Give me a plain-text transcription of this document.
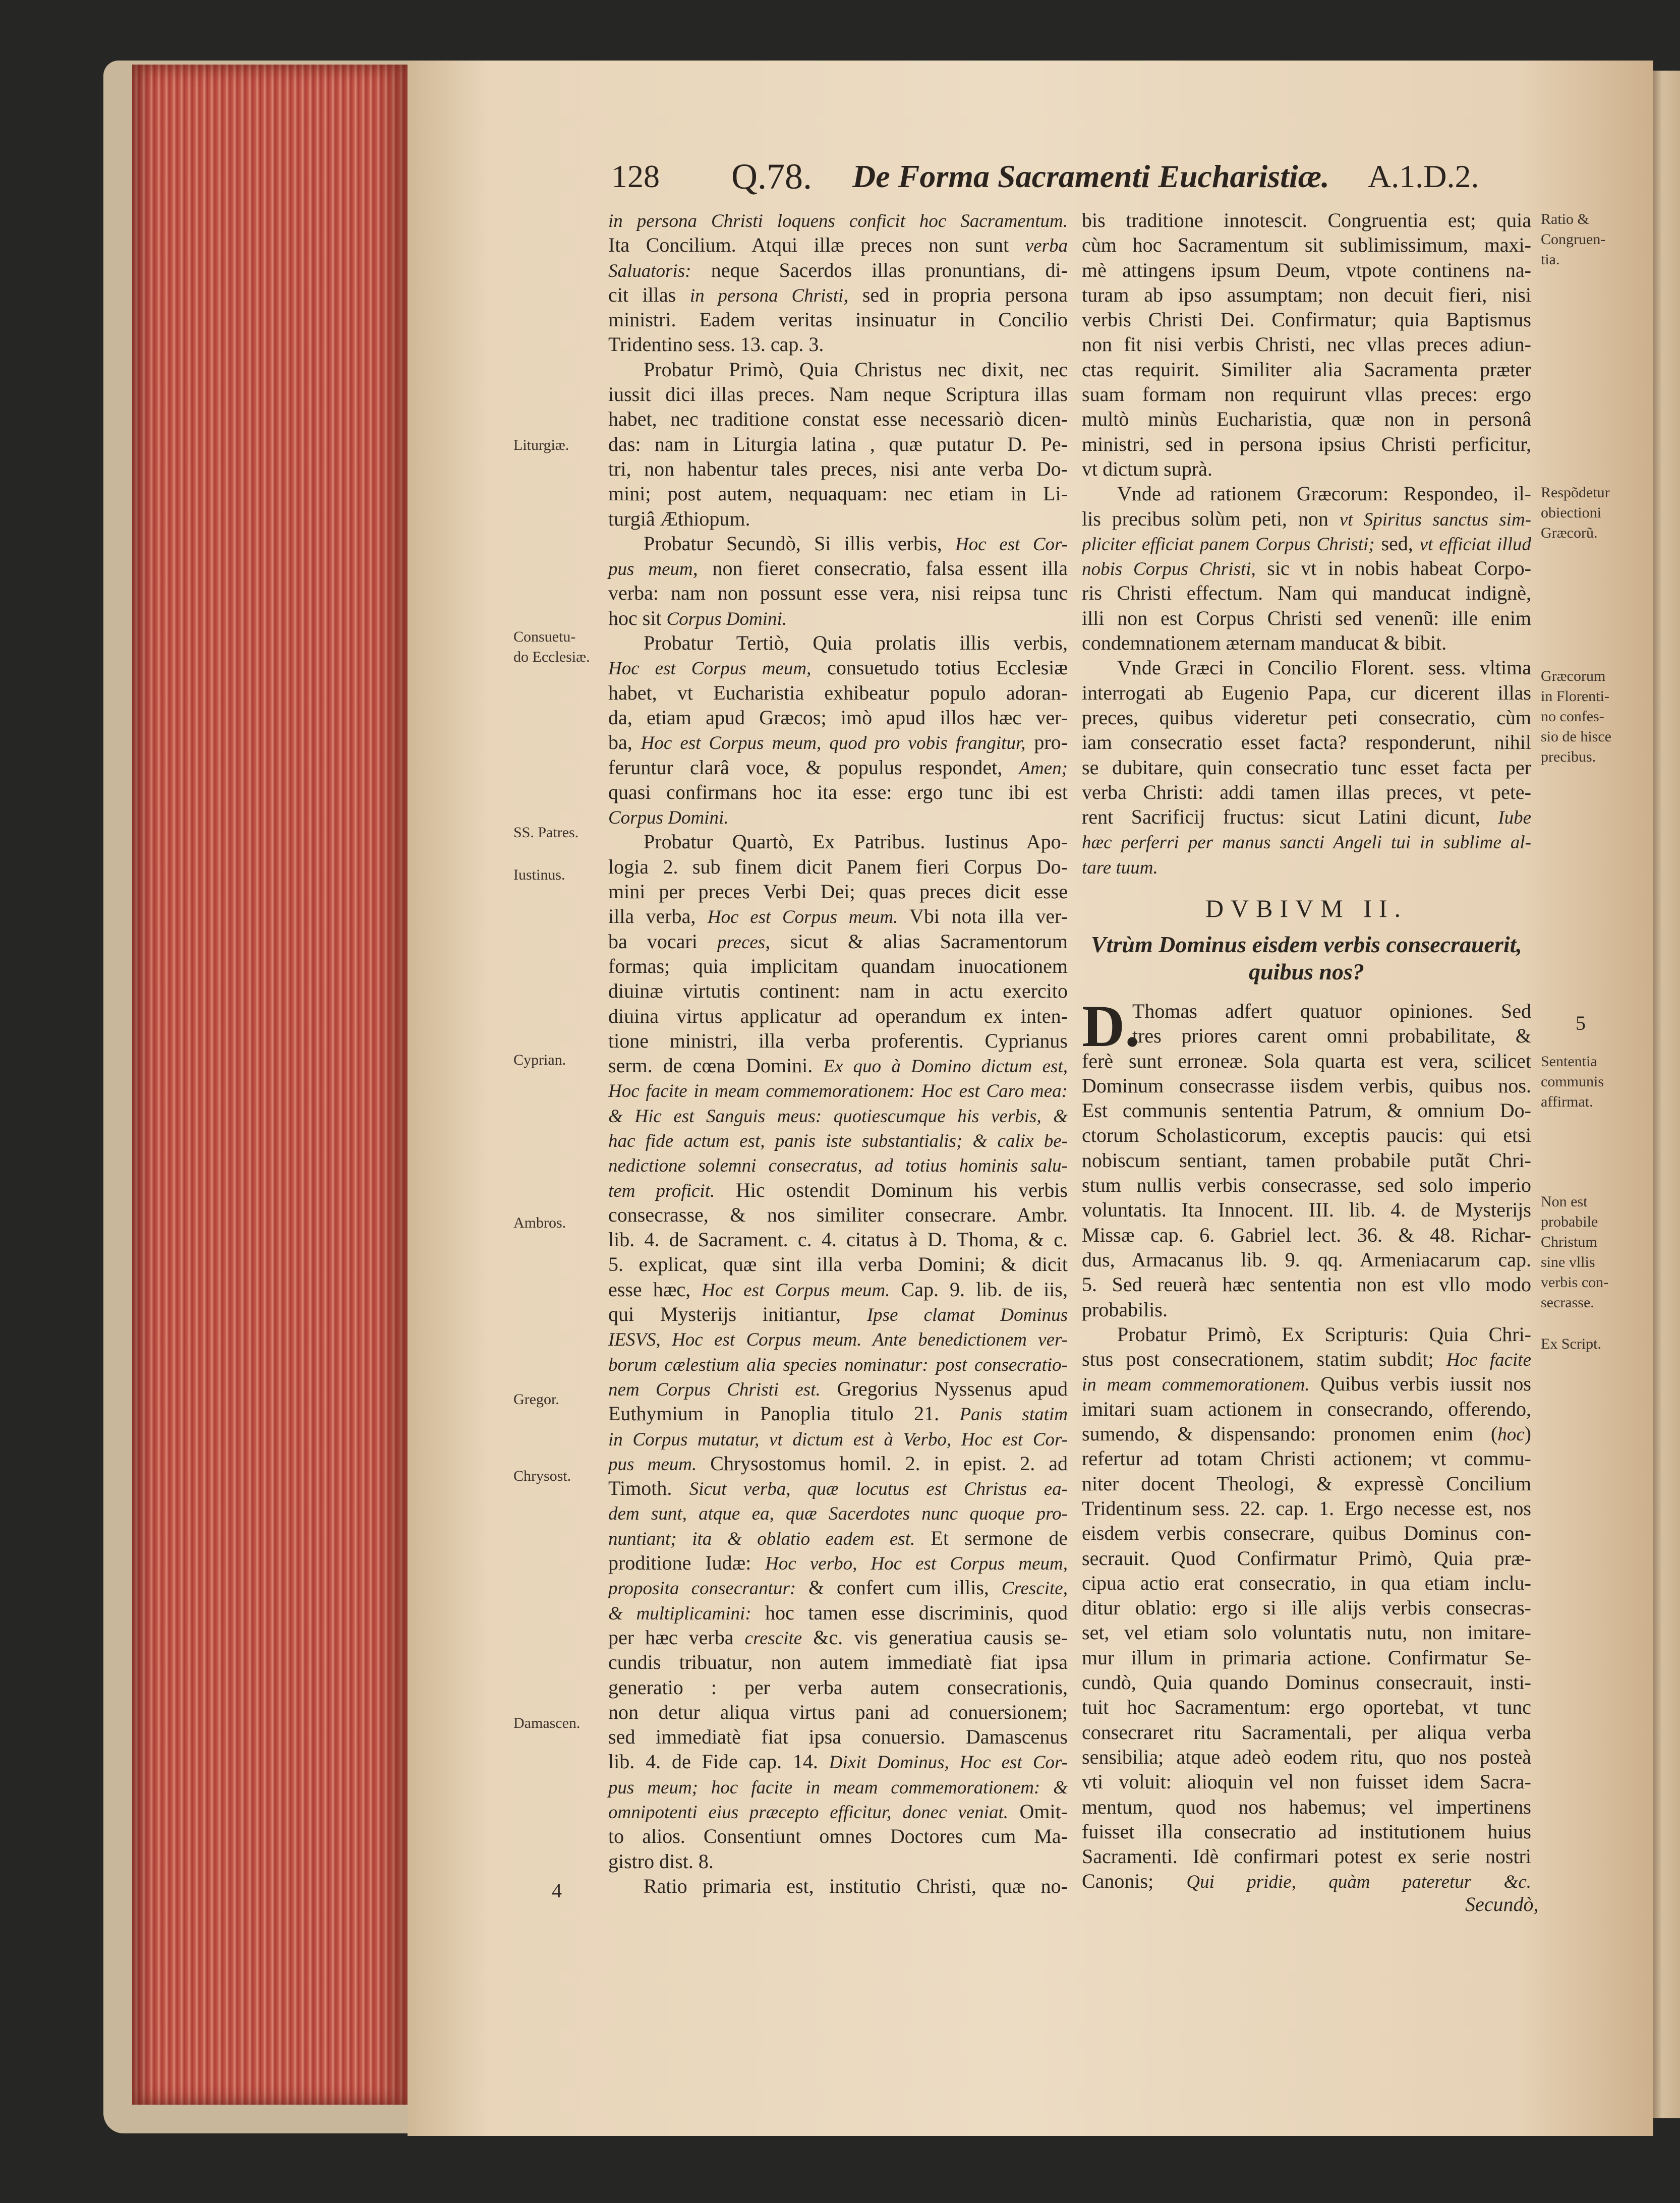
128 Q.78. De Forma Sacramenti Eucharistiæ. A.1.D.2.
in persona Christi loquens conficit hoc Sacramentum.
Ita Concilium. Atqui illæ preces non sunt verba
Saluatoris: neque Sacerdos illas pronuntians, di-
cit illas in persona Christi, sed in propria persona
ministri. Eadem veritas insinuatur in Concilio
Tridentino sess. 13. cap. 3.
Probatur Primò, Quia Christus nec dixit, nec
iussit dici illas preces. Nam neque Scriptura illas
habet, nec traditione constat esse necessariò dicen-
das: nam in Liturgia latina , quæ putatur D. Pe-
tri, non habentur tales preces, nisi ante verba Do-
mini; post autem, nequaquam: nec etiam in Li-
turgiâ Æthiopum.
Probatur Secundò, Si illis verbis, Hoc est Cor-
pus meum, non fieret consecratio, falsa essent illa
verba: nam non possunt esse vera, nisi reipsa tunc
hoc sit Corpus Domini.
Probatur Tertiò, Quia prolatis illis verbis,
Hoc est Corpus meum, consuetudo totius Ecclesiæ
habet, vt Eucharistia exhibeatur populo adoran-
da, etiam apud Græcos; imò apud illos hæc ver-
ba, Hoc est Corpus meum, quod pro vobis frangitur, pro-
feruntur clarâ voce, & populus respondet, Amen;
quasi confirmans hoc ita esse: ergo tunc ibi est
Corpus Domini.
Probatur Quartò, Ex Patribus. Iustinus Apo-
logia 2. sub finem dicit Panem fieri Corpus Do-
mini per preces Verbi Dei; quas preces dicit esse
illa verba, Hoc est Corpus meum. Vbi nota illa ver-
ba vocari preces, sicut & alias Sacramentorum
formas; quia implicitam quandam inuocationem
diuinæ virtutis continent: nam in actu exercito
diuina virtus applicatur ad operandum ex inten-
tione ministri, illa verba proferentis. Cyprianus
serm. de cœna Domini. Ex quo à Domino dictum est,
Hoc facite in meam commemorationem: Hoc est Caro mea:
& Hic est Sanguis meus: quotiescumque his verbis, &
hac fide actum est, panis iste substantialis; & calix be-
nedictione solemni consecratus, ad totius hominis salu-
tem proficit. Hic ostendit Dominum his verbis
consecrasse, & nos similiter consecrare. Ambr.
lib. 4. de Sacrament. c. 4. citatus à D. Thoma, & c.
5. explicat, quæ sint illa verba Domini; & dicit
esse hæc, Hoc est Corpus meum. Cap. 9. lib. de iis,
qui Mysterijs initiantur, Ipse clamat Dominus
IESVS, Hoc est Corpus meum. Ante benedictionem ver-
borum cælestium alia species nominatur: post consecratio-
nem Corpus Christi est. Gregorius Nyssenus apud
Euthymium in Panoplia titulo 21. Panis statim
in Corpus mutatur, vt dictum est à Verbo, Hoc est Cor-
pus meum. Chrysostomus homil. 2. in epist. 2. ad
Timoth. Sicut verba, quæ locutus est Christus ea-
dem sunt, atque ea, quæ Sacerdotes nunc quoque pro-
nuntiant; ita & oblatio eadem est. Et sermone de
proditione Iudæ: Hoc verbo, Hoc est Corpus meum,
proposita consecrantur: & confert cum illis, Crescite,
& multiplicamini: hoc tamen esse discriminis, quod
per hæc verba crescite &c. vis generatiua causis se-
cundis tribuatur, non autem immediatè fiat ipsa
generatio : per verba autem consecrationis,
non detur aliqua virtus pani ad conuersionem;
sed immediatè fiat ipsa conuersio. Damascenus
lib. 4. de Fide cap. 14. Dixit Dominus, Hoc est Cor-
pus meum; hoc facite in meam commemorationem: &
omnipotenti eius præcepto efficitur, donec veniat. Omit-
to alios. Consentiunt omnes Doctores cum Ma-
gistro dist. 8.
Ratio primaria est, institutio Christi, quæ no-
bis traditione innotescit. Congruentia est; quia
cùm hoc Sacramentum sit sublimissimum, maxi-
mè attingens ipsum Deum, vtpote continens na-
turam ab ipso assumptam; non decuit fieri, nisi
verbis Christi Dei. Confirmatur; quia Baptismus
non fit nisi verbis Christi, nec vllas preces adiun-
ctas requirit. Similiter alia Sacramenta præter
suam formam non requirunt vllas preces: ergo
multò minùs Eucharistia, quæ non in personâ
ministri, sed in persona ipsius Christi perficitur,
vt dictum suprà.
Vnde ad rationem Græcorum: Respondeo, il-
lis precibus solùm peti, non vt Spiritus sanctus sim-
pliciter efficiat panem Corpus Christi; sed, vt efficiat illud
nobis Corpus Christi, sic vt in nobis habeat Corpo-
ris Christi effectum. Nam qui manducat indignè,
illi non est Corpus Christi sed venenũ: ille enim
condemnationem æternam manducat & bibit.
Vnde Græci in Concilio Florent. sess. vltima
interrogati ab Eugenio Papa, cur dicerent illas
preces, quibus videretur peti consecratio, cùm
iam consecratio esset facta? responderunt, nihil
se dubitare, quin consecratio tunc esset facta per
verba Christi: addi tamen illas preces, vt pete-
rent Sacrificij fructus: sicut Latini dicunt, Iube
hæc perferri per manus sancti Angeli tui in sublime al-
tare tuum.
DVBIVM II.
Vtrùm Dominus eisdem verbis consecrauerit,
quibus nos?
D.
Thomas adfert quatuor opiniones. Sed
tres priores carent omni probabilitate, &
ferè sunt erroneæ. Sola quarta est vera, scilicet
Dominum consecrasse iisdem verbis, quibus nos.
Est communis sententia Patrum, & omnium Do-
ctorum Scholasticorum, exceptis paucis: qui etsi
nobiscum sentiant, tamen probabile putãt Chri-
stum nullis verbis consecrasse, sed solo imperio
voluntatis. Ita Innocent. III. lib. 4. de Mysterijs
Missæ cap. 6. Gabriel lect. 36. & 48. Richar-
dus, Armacanus lib. 9. qq. Armeniacarum cap.
5. Sed reuerà hæc sententia non est vllo modo
probabilis.
Probatur Primò, Ex Scripturis: Quia Chri-
stus post consecrationem, statim subdit; Hoc facite
in meam commemorationem. Quibus verbis iussit nos
imitari suam actionem in consecrando, offerendo,
sumendo, & dispensando: pronomen enim (hoc)
refertur ad totam Christi actionem; vt commu-
niter docent Theologi, & expressè Concilium
Tridentinum sess. 22. cap. 1. Ergo necesse est, nos
eisdem verbis consecrare, quibus Dominus con-
secrauit. Quod Confirmatur Primò, Quia præ-
cipua actio erat consecratio, in qua etiam inclu-
ditur oblatio: ergo si ille alijs verbis consecras-
set, vel etiam solo voluntatis nutu, non imitare-
mur illum in primaria actione. Confirmatur Se-
cundò, Quia quando Dominus consecrauit, insti-
tuit hoc Sacramentum: ergo oportebat, vt tunc
consecraret ritu Sacramentali, per aliqua verba
sensibilia; atque adeò eodem ritu, quo nos posteà
vti voluit: alioquin vel non fuisset idem Sacra-
mentum, quod nos habemus; vel impertinens
fuisset illa consecratio ad institutionem huius
Sacramenti. Idè confirmari potest ex serie nostri
Canonis; Qui pridie, quàm pateretur &c.
Liturgiæ.
Consuetu-
do Ecclesiæ.
SS. Patres.
Iustinus.
Cyprian.
Ambros.
Gregor.
Chrysost.
Damascen.
Ratio &
Congruen-
tia.
Respõdetur
obiectioni
Græcorũ.
Græcorum
in Florenti-
no confes-
sio de hisce
precibus.
Sententia
communis
affirmat.
Non est
probabile
Christum
sine vllis
verbis con-
secrasse.
Ex Script.
5
4
Secundò,
